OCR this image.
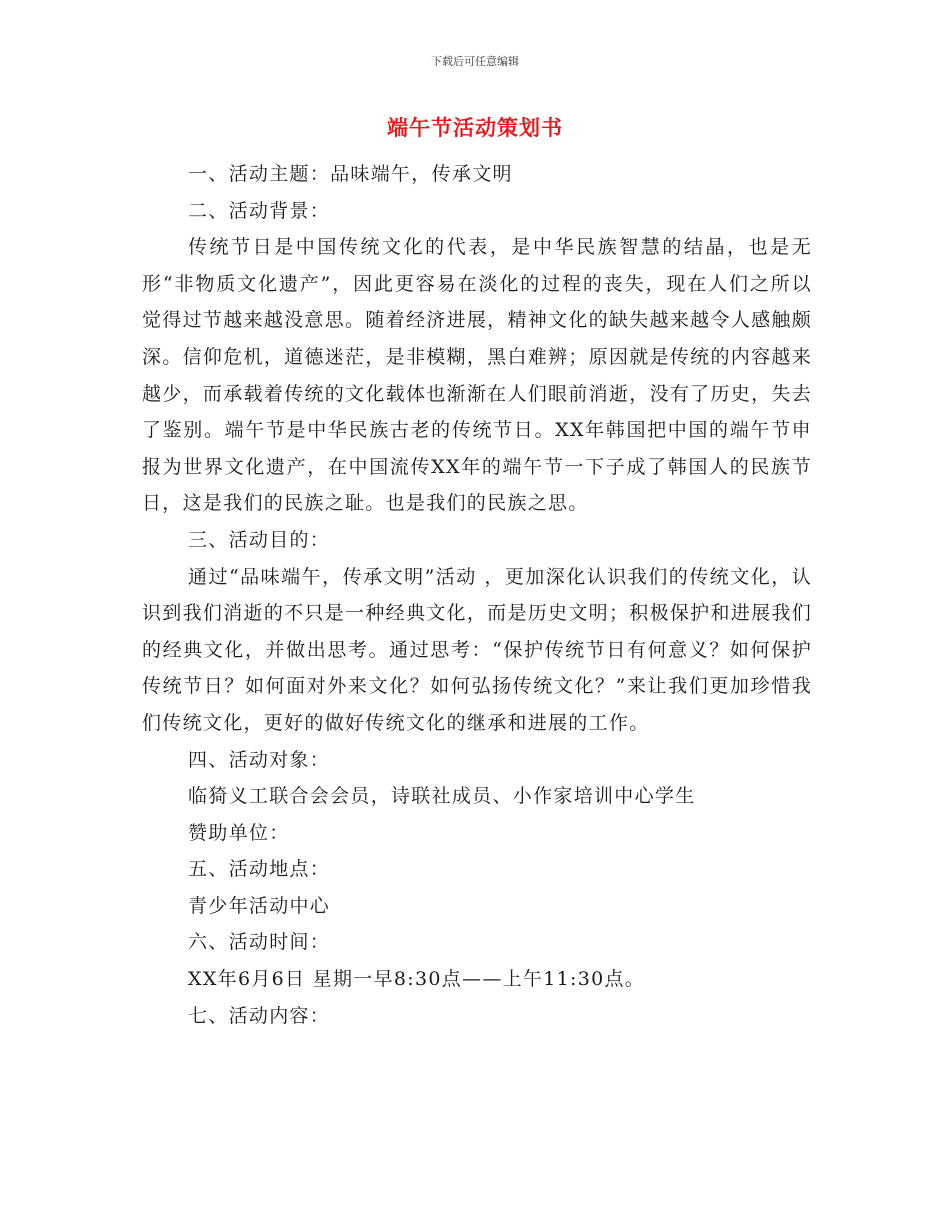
下载后可任意编辑
端午节活动策划书

一、活动主题：品味端午，传承文明

二、活动背景：

传统节日是中国传统文化的代表，是中华民族智慧的结晶，也是无形“非物质文化遗产”，因此更容易在淡化的过程的丧失，现在人们之所以觉得过节越来越没意思。随着经济进展，精神文化的缺失越来越令人感触颇深。信仰危机，道德迷茫，是非模糊，黑白难辨；原因就是传统的内容越来越少，而承载着传统的文化载体也渐渐在人们眼前消逝，没有了历史，失去了鉴别。端午节是中华民族古老的传统节日。XX年韩国把中国的端午节申报为世界文化遗产，在中国流传XX年的端午节一下子成了韩国人的民族节日，这是我们的民族之耻。也是我们的民族之思。

三、活动目的：

通过“品味端午，传承文明”活动 ，更加深化认识我们的传统文化，认识到我们消逝的不只是一种经典文化，而是历史文明；积极保护和进展我们的经典文化，并做出思考。通过思考：“保护传统节日有何意义？如何保护传统节日？如何面对外来文化？如何弘扬传统文化？”来让我们更加珍惜我们传统文化，更好的做好传统文化的继承和进展的工作。

四、活动对象：

临猗义工联合会会员，诗联社成员、小作家培训中心学生

赞助单位：

五、活动地点：

青少年活动中心

六、活动时间：

XX年6月6日 星期一早8:30点——上午11:30点。

七、活动内容：
